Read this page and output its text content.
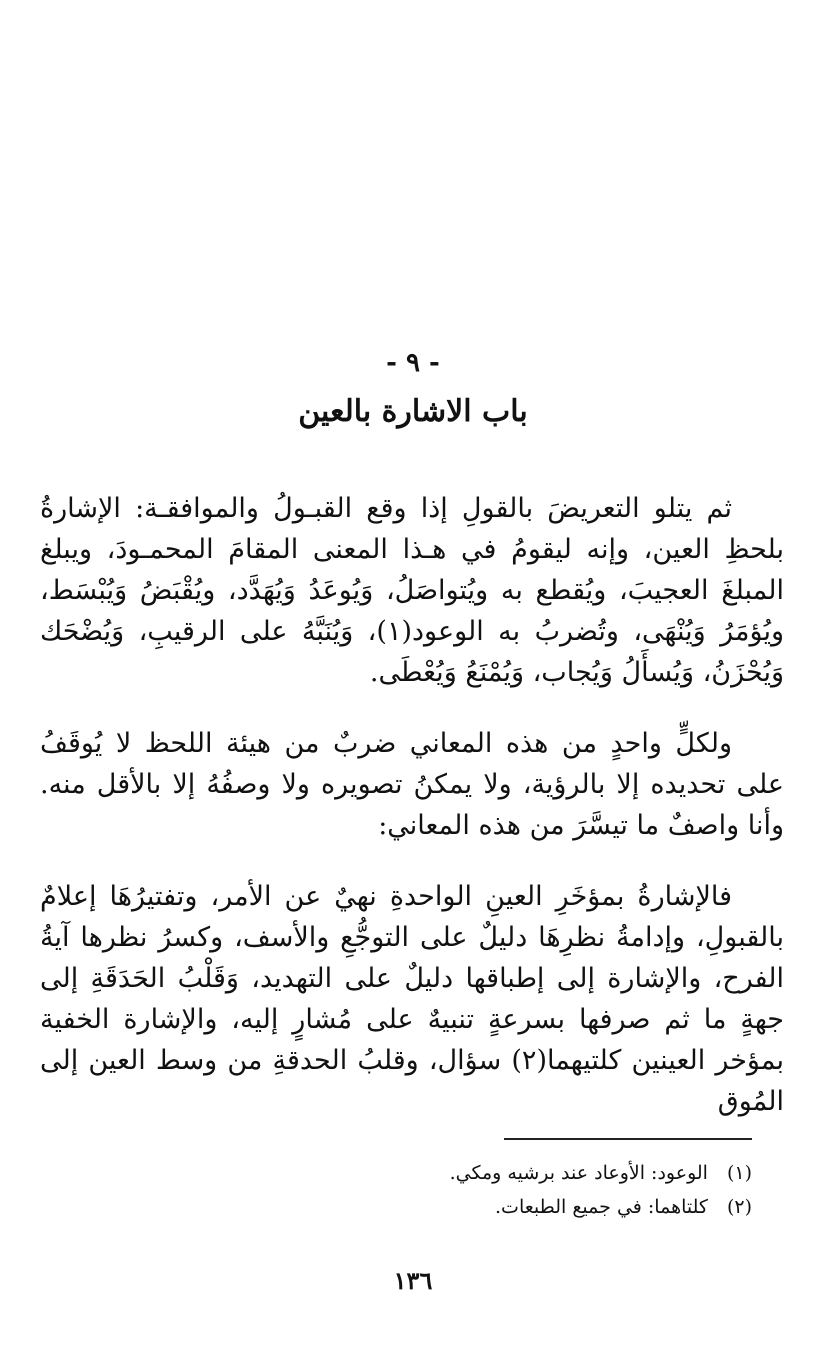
- ٩ -
باب الاشارة بالعين

ثم يتلو التعريضَ بالقولِ إذا وقع القبـولُ والموافقـة: الإشارةُ بلحظِ العين، وإنه ليقومُ في هـذا المعنى المقامَ المحمـودَ، ويبلغ المبلغَ العجيبَ، ويُقطع به ويُتواصَلُ، وَيُوعَدُ وَيُهَدَّد، ويُقْبَضُ وَيُبْسَط، ويُؤمَرُ وَيُنْهَى، وتُضربُ به الوعود(١)، وَيُنَبَّهُ على الرقيبِ، وَيُضْحَك وَيُحْزَنُ، وَيُسأَلُ وَيُجاب، وَيُمْنَعُ وَيُعْطَى.

ولكلٍّ واحدٍ من هذه المعاني ضربٌ من هيئة اللحظ لا يُوقَفُ على تحديده إلا بالرؤية، ولا يمكنُ تصويره ولا وصفُهُ إلا بالأقل منه. وأنا واصفٌ ما تيسَّرَ من هذه المعاني:

فالإشارةُ بمؤخَرِ العينِ الواحدةِ نهيٌ عن الأمر، وتفتيرُهَا إعلامٌ بالقبولِ، وإدامةُ نظرِهَا دليلٌ على التوجُّعِ والأسف، وكسرُ نظرها آيةُ الفرح، والإشارة إلى إطباقها دليلٌ على التهديد، وَقَلْبُ الحَدَقَةِ إلى جهةٍ ما ثم صرفها بسرعةٍ تنبيهٌ على مُشارٍ إليه، والإشارة الخفية بمؤخر العينين كلتيهما(٢) سؤال، وقلبُ الحدقةِ من وسط العين إلى المُوق

(١) الوعود: الأوعاد عند برشيه ومكي.
(٢) كلتاهما: في جميع الطبعات.
١٣٦
